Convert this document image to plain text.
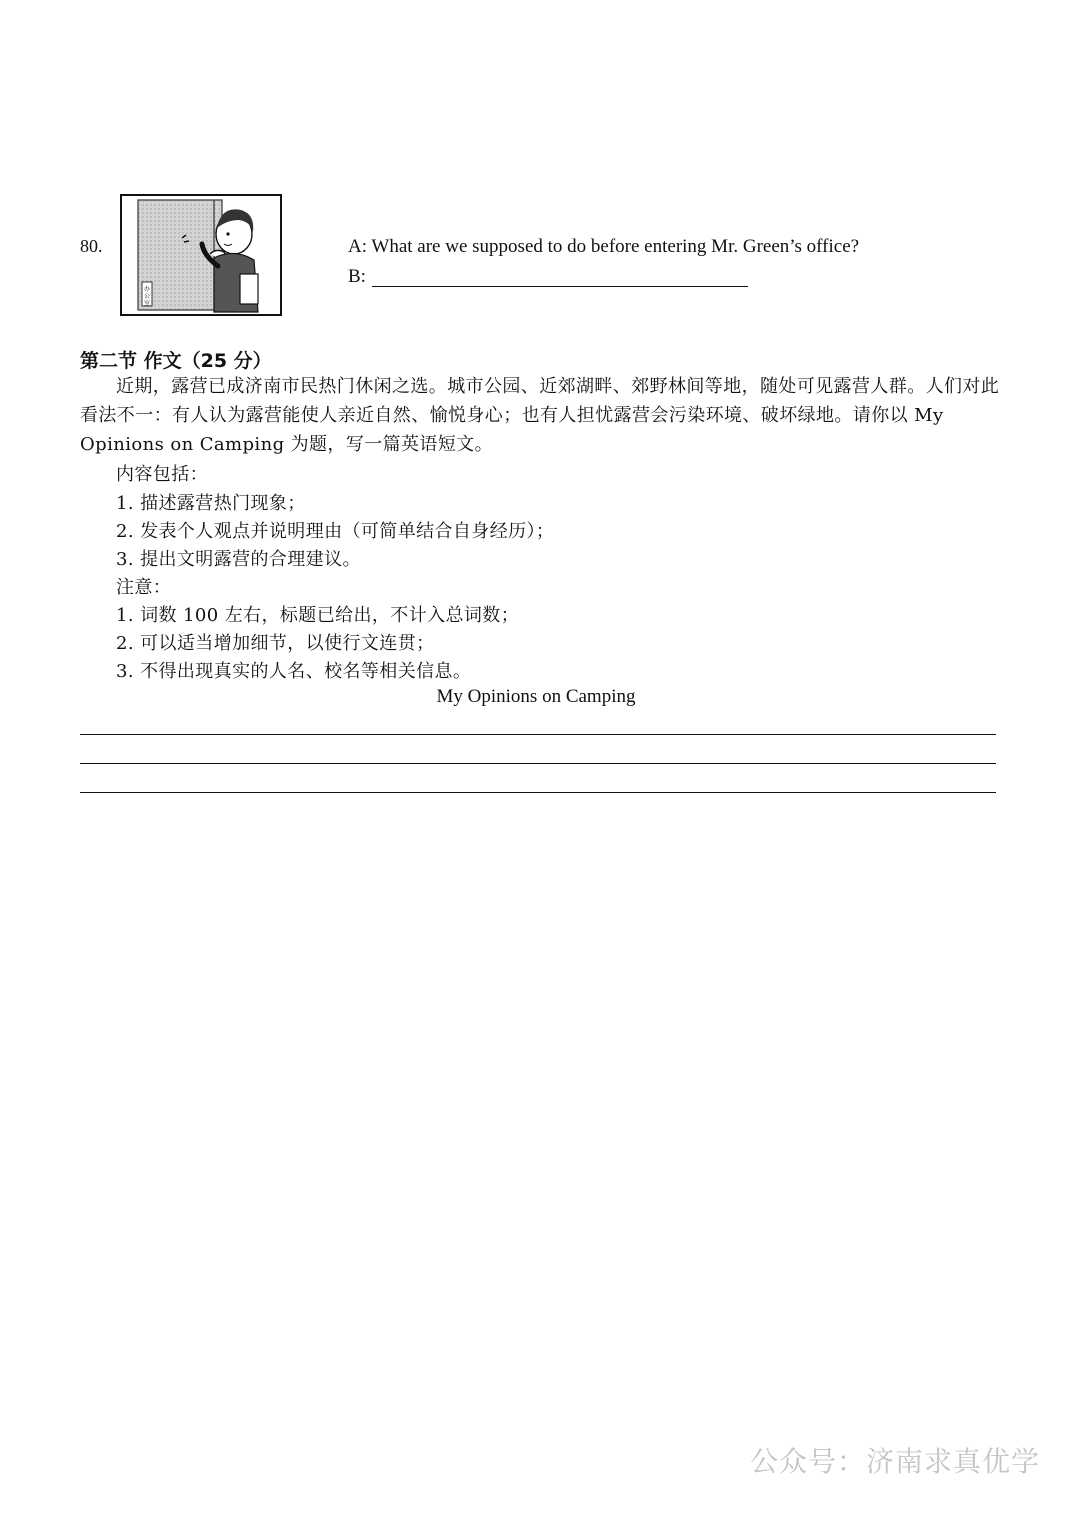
80.
办
公
室
A: What are we supposed to do before entering Mr. Green’s office?
B:
第二节 作文（25 分）
近期，露营已成济南市民热门休闲之选。城市公园、近郊湖畔、郊野林间等地，随处可见露营人群。人们对此看法不一：有人认为露营能使人亲近自然、愉悦身心；也有人担忧露营会污染环境、破坏绿地。请你以 My Opinions on Camping 为题，写一篇英语短文。
内容包括：
1. 描述露营热门现象；
2. 发表个人观点并说明理由（可简单结合自身经历）；
3. 提出文明露营的合理建议。
注意：
1. 词数 100 左右，标题已给出，不计入总词数；
2. 可以适当增加细节，以使行文连贯；
3. 不得出现真实的人名、校名等相关信息。
My Opinions on Camping
公众号：济南求真优学
